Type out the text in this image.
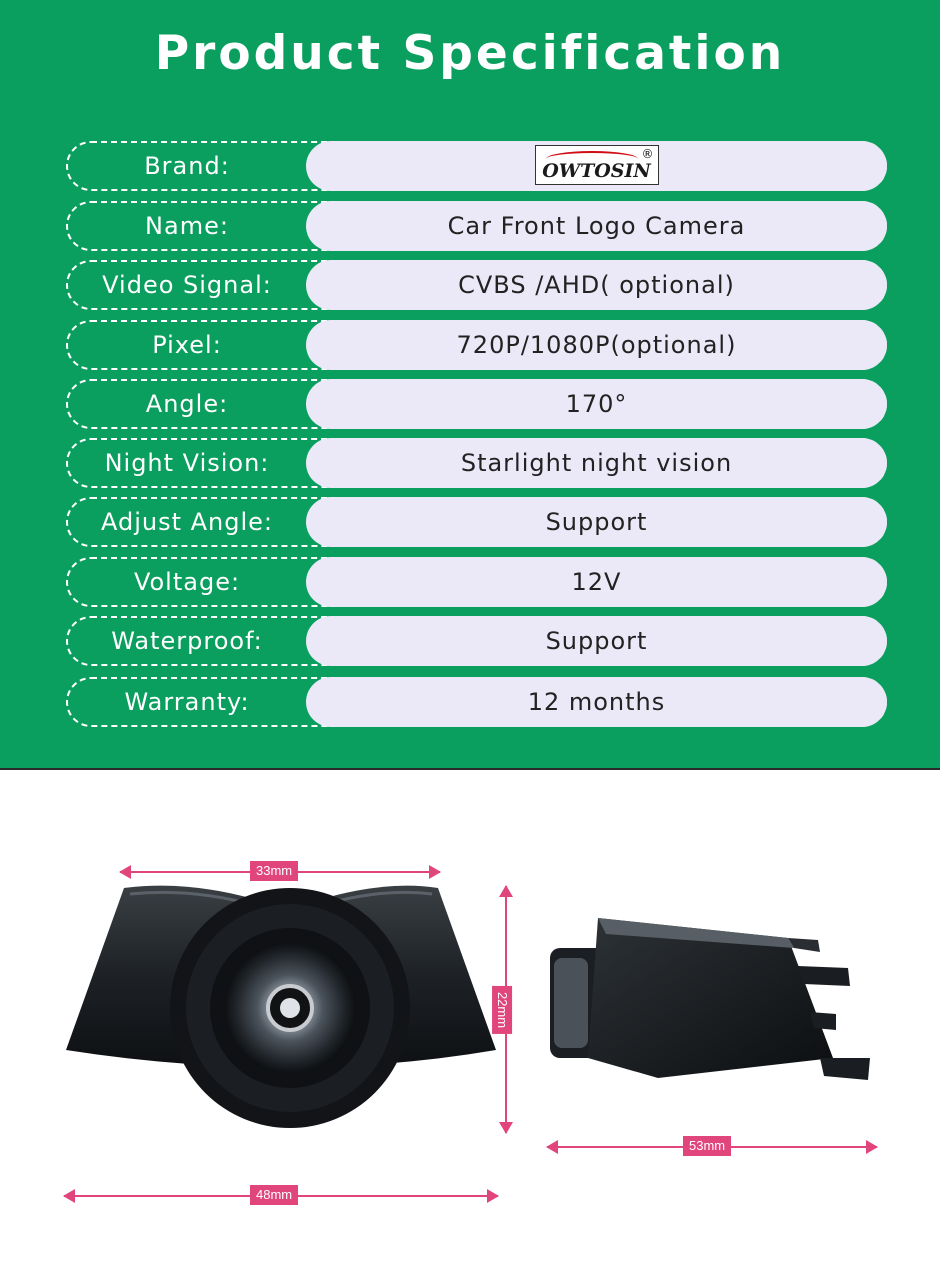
Product Specification
Brand:	OWTOSIN
®
Name:	Car Front Logo Camera
Video Signal:	CVBS /AHD( optional)
Pixel:	720P/1080P(optional)
Angle:	170°
Night Vision:	Starlight night vision
Adjust Angle:	Support
Voltage:	12V
Waterproof:	Support
Warranty:	12 months
33mm
22mm
48mm
53mm
